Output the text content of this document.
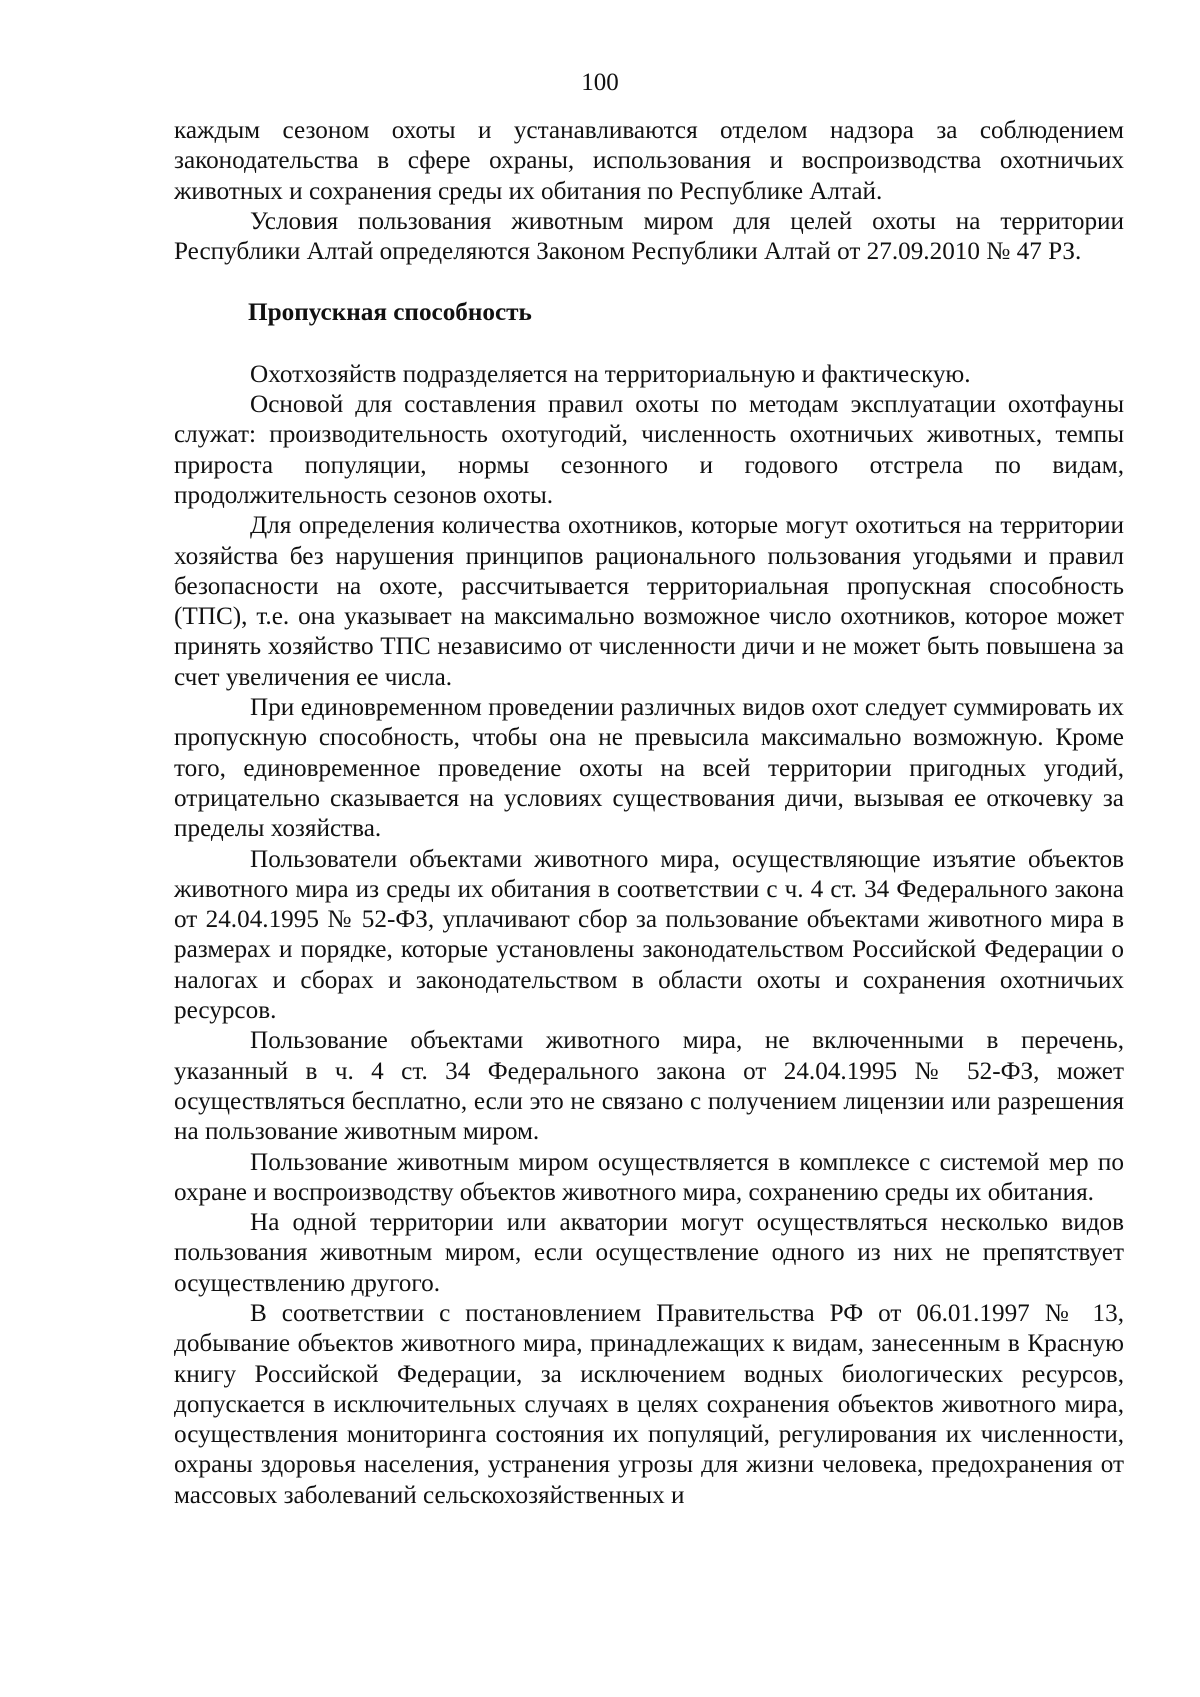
100

каждым сезоном охоты и устанавливаются отделом надзора за соблюдением законодательства в сфере охраны, использования и воспроизводства охотничьих животных и сохранения среды их обитания по Республике Алтай.

Условия пользования животным миром для целей охоты на территории Республики Алтай определяются Законом Республики Алтай от 27.09.2010 № 47 РЗ.

Пропускная способность

Охотхозяйств подразделяется на территориальную и фактическую.

Основой для составления правил охоты по методам эксплуатации охотфауны служат: производительность охотугодий, численность охотничьих животных, темпы прироста популяции, нормы сезонного и годового отстрела по видам, продолжительность сезонов охоты.

Для определения количества охотников, которые могут охотиться на территории хозяйства без нарушения принципов рационального пользования угодьями и правил безопасности на охоте, рассчитывается территориальная пропускная способность (ТПС), т.е. она указывает на максимально возможное число охотников, которое может принять хозяйство ТПС независимо от численности дичи и не может быть повышена за счет увеличения ее числа.

При единовременном проведении различных видов охот следует суммировать их пропускную способность, чтобы она не превысила максимально возможную. Кроме того, единовременное проведение охоты на всей территории пригодных угодий, отрицательно сказывается на условиях существования дичи, вызывая ее откочевку за пределы хозяйства.

Пользователи объектами животного мира, осуществляющие изъятие объектов животного мира из среды их обитания в соответствии с ч. 4 ст. 34 Федерального закона от 24.04.1995 № 52-ФЗ, уплачивают сбор за пользование объектами животного мира в размерах и порядке, которые установлены законодательством Российской Федерации о налогах и сборах и законодательством в области охоты и сохранения охотничьих ресурсов.

Пользование объектами животного мира, не включенными в перечень, указанный в ч. 4 ст. 34 Федерального закона от 24.04.1995 № 52-ФЗ, может осуществляться бесплатно, если это не связано с получением лицензии или разрешения на пользование животным миром.

Пользование животным миром осуществляется в комплексе с системой мер по охране и воспроизводству объектов животного мира, сохранению среды их обитания.

На одной территории или акватории могут осуществляться несколько видов пользования животным миром, если осуществление одного из них не препятствует осуществлению другого.

В соответствии с постановлением Правительства РФ от 06.01.1997 № 13, добывание объектов животного мира, принадлежащих к видам, занесенным в Красную книгу Российской Федерации, за исключением водных биологических ресурсов, допускается в исключительных случаях в целях сохранения объектов животного мира, осуществления мониторинга состояния их популяций, регулирования их численности, охраны здоровья населения, устранения угрозы для жизни человека, предохранения от массовых заболеваний сельскохозяйственных и
